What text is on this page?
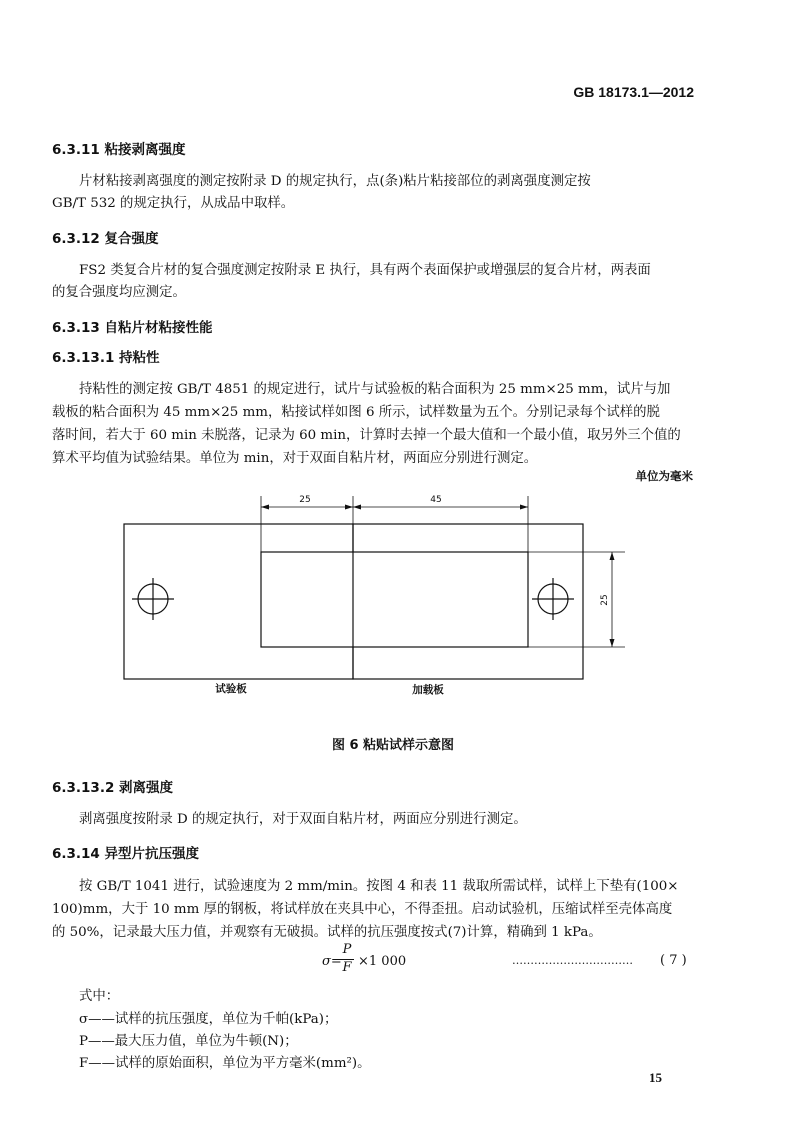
GB 18173.1—2012
6.3.11 粘接剥离强度
片材粘接剥离强度的测定按附录 D 的规定执行，点(条)粘片粘接部位的剥离强度测定按
GB/T 532 的规定执行，从成品中取样。
6.3.12 复合强度
FS2 类复合片材的复合强度测定按附录 E 执行，具有两个表面保护或增强层的复合片材，两表面
的复合强度均应测定。
6.3.13 自粘片材粘接性能
6.3.13.1 持粘性
持粘性的测定按 GB/T 4851 的规定进行，试片与试验板的粘合面积为 25 mm×25 mm，试片与加
载板的粘合面积为 45 mm×25 mm，粘接试样如图 6 所示，试样数量为五个。分别记录每个试样的脱
落时间，若大于 60 min 未脱落，记录为 60 min，计算时去掉一个最大值和一个最小值，取另外三个值的
算术平均值为试验结果。单位为 min，对于双面自粘片材，两面应分别进行测定。
单位为毫米
25	45
25
试验板	加载板
图 6 粘贴试样示意图
6.3.13.2 剥离强度
剥离强度按附录 D 的规定执行，对于双面自粘片材，两面应分别进行测定。
6.3.14 异型片抗压强度
按 GB/T 1041 进行，试验速度为 2 mm/min。按图 4 和表 11 裁取所需试样，试样上下垫有(100×
100)mm，大于 10 mm 厚的钢板，将试样放在夹具中心，不得歪扭。启动试验机，压缩试样至壳体高度
的 50%，记录最大压力值，并观察有无破损。试样的抗压强度按式(7)计算，精确到 1 kPa。
σ=
P
F ×1 000	…………………………… ( 7 )
式中：
σ——试样的抗压强度，单位为千帕(kPa)；
P——最大压力值，单位为牛顿(N)；
F——试样的原始面积，单位为平方毫米(mm²)。
15
